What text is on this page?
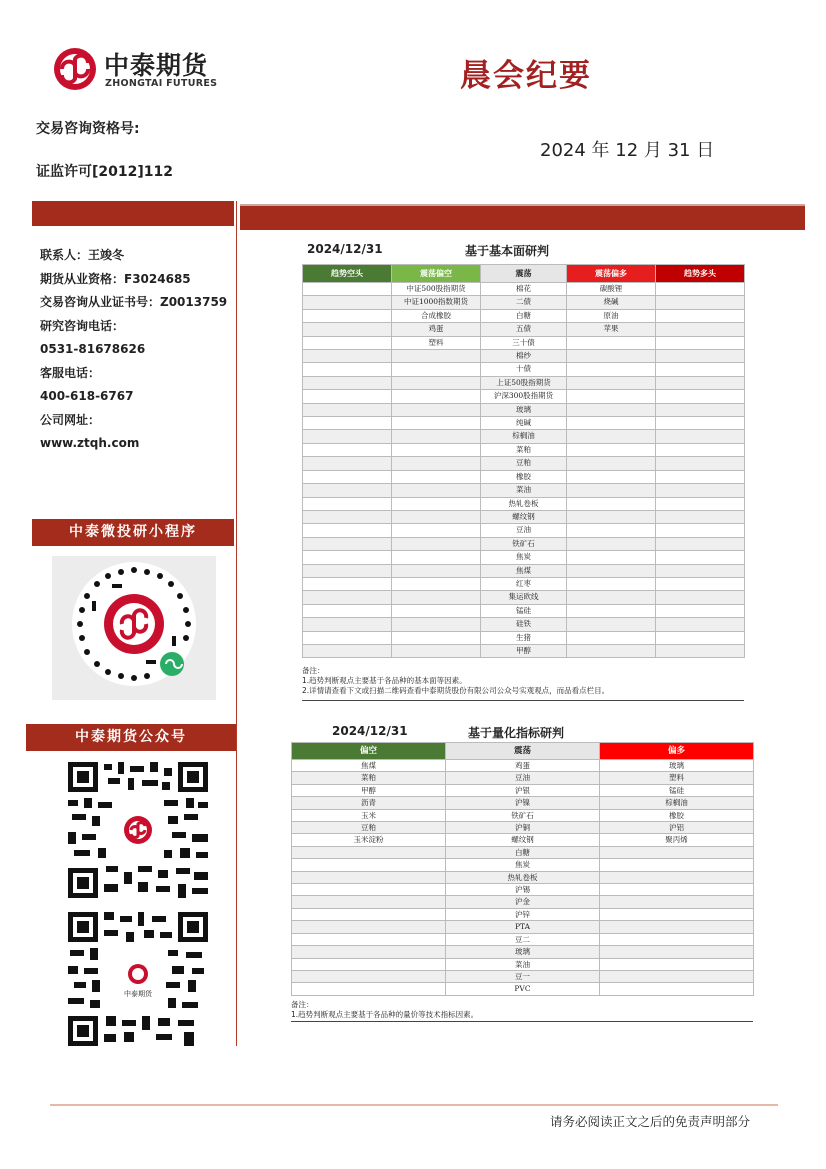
中泰期货
ZHONGTAI FUTURES	晨会纪要
交易咨询资格号:
证监许可[2012]112
2024 年 12 月 31 日
联系人：王竣冬
期货从业资格：F3024685
交易咨询从业证书号：Z0013759
研究咨询电话：
0531-81678626
客服电话：
400-618-6767
公司网址：
www.ztqh.com
中泰微投研小程序
中泰期货公众号
中泰期货
2024/12/31	基于基本面研判
趋势空头	震荡偏空	震荡	震荡偏多	趋势多头
	中证500股指期货	棉花	碳酸锂	
	中证1000指数期货	二债	烧碱	
	合成橡胶	白糖	原油	
	鸡蛋	五债	苹果	
	塑料	三十债		
		棉纱		
		十债		
		上证50股指期货		
		沪深300股指期货		
		玻璃		
		纯碱		
		棕榈油		
		菜粕		
		豆粕		
		橡胶		
		菜油		
		热轧卷板		
		螺纹钢		
		豆油		
		铁矿石		
		焦炭		
		焦煤		
		红枣		
		集运欧线		
		锰硅		
		硅铁		
		生猪		
		甲醇		
备注：
1.趋势判断观点主要基于各品种的基本面等因素。
2.详情请查看下文或扫描二维码查看中泰期货股份有限公司公众号实观观点，而品看点栏目。
2024/12/31	基于量化指标研判
偏空	震荡	偏多
焦煤	鸡蛋	玻璃
菜粕	豆油	塑料
甲醇	沪银	锰硅
沥青	沪镍	棕榈油
玉米	铁矿石	橡胶
豆粕	沪铜	沪铝
玉米淀粉	螺纹钢	聚丙烯
	白糖	
	焦炭	
	热轧卷板	
	沪锡	
	沪金	
	沪锌	
	PTA	
	豆二	
	玻璃	
	菜油	
	豆一	
	PVC	
备注：
1.趋势判断观点主要基于各品种的量价等技术指标因素。
请务必阅读正文之后的免责声明部分
